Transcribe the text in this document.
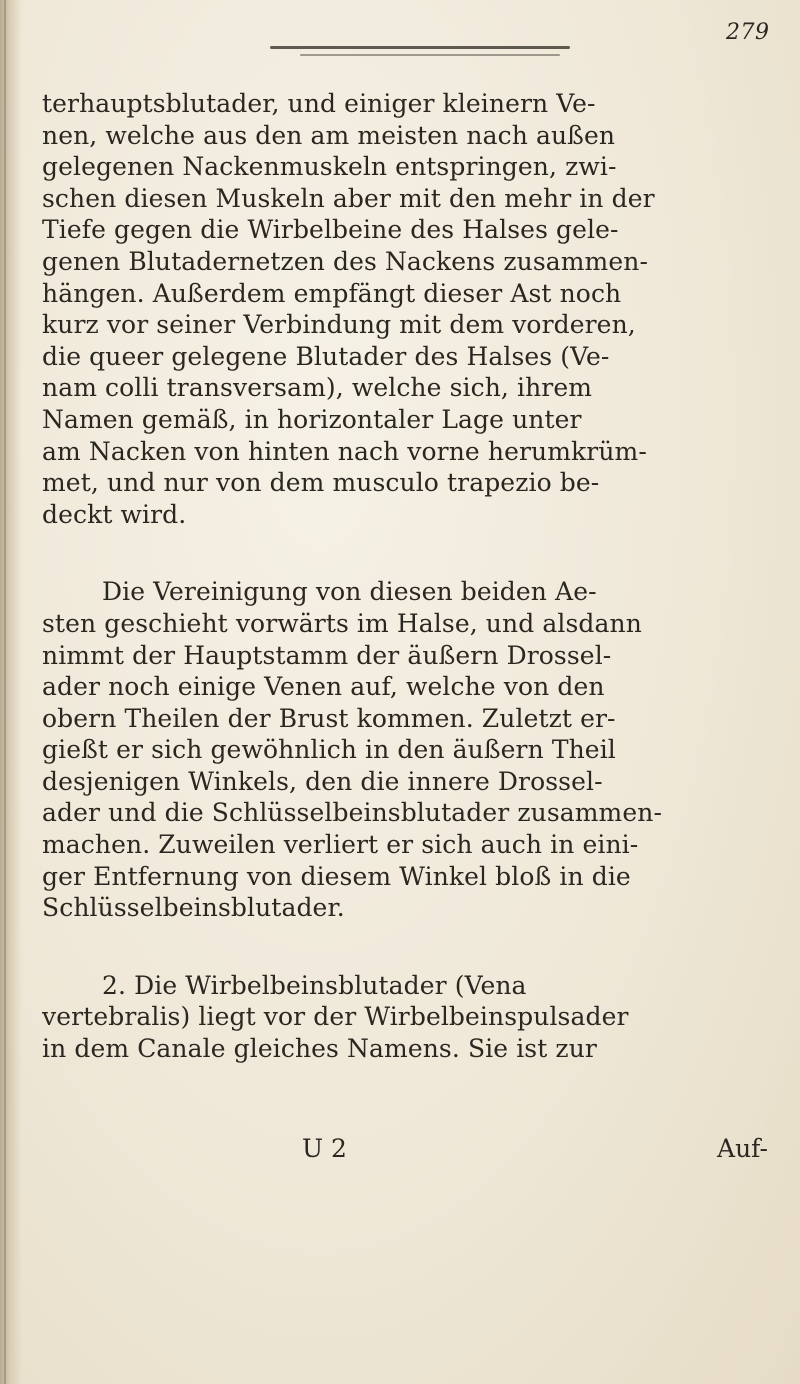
279
terhauptsblutader, und einiger kleinern Ve-
nen, welche aus den am meisten nach außen
gelegenen Nackenmuskeln entspringen, zwi-
schen diesen Muskeln aber mit den mehr in der
Tiefe gegen die Wirbelbeine des Halses gele-
genen Blutadernetzen des Nackens zusammen-
hängen. Außerdem empfängt dieser Ast noch
kurz vor seiner Verbindung mit dem vorderen,
die queer gelegene Blutader des Halses (Ve-
nam colli transversam), welche sich, ihrem
Namen gemäß, in horizontaler Lage unter
am Nacken von hinten nach vorne herumkrüm-
met, und nur von dem musculo trapezio be-
deckt wird.
Die Vereinigung von diesen beiden Ae-
sten geschieht vorwärts im Halse, und alsdann
nimmt der Hauptstamm der äußern Drossel-
ader noch einige Venen auf, welche von den
obern Theilen der Brust kommen. Zuletzt er-
gießt er sich gewöhnlich in den äußern Theil
desjenigen Winkels, den die innere Drossel-
ader und die Schlüsselbeinsblutader zusammen-
machen. Zuweilen verliert er sich auch in eini-
ger Entfernung von diesem Winkel bloß in die
Schlüsselbeinsblutader.
2. Die Wirbelbeinsblutader (Vena
vertebralis) liegt vor der Wirbelbeinspulsader
in dem Canale gleiches Namens. Sie ist zur
U 2	Auf-
